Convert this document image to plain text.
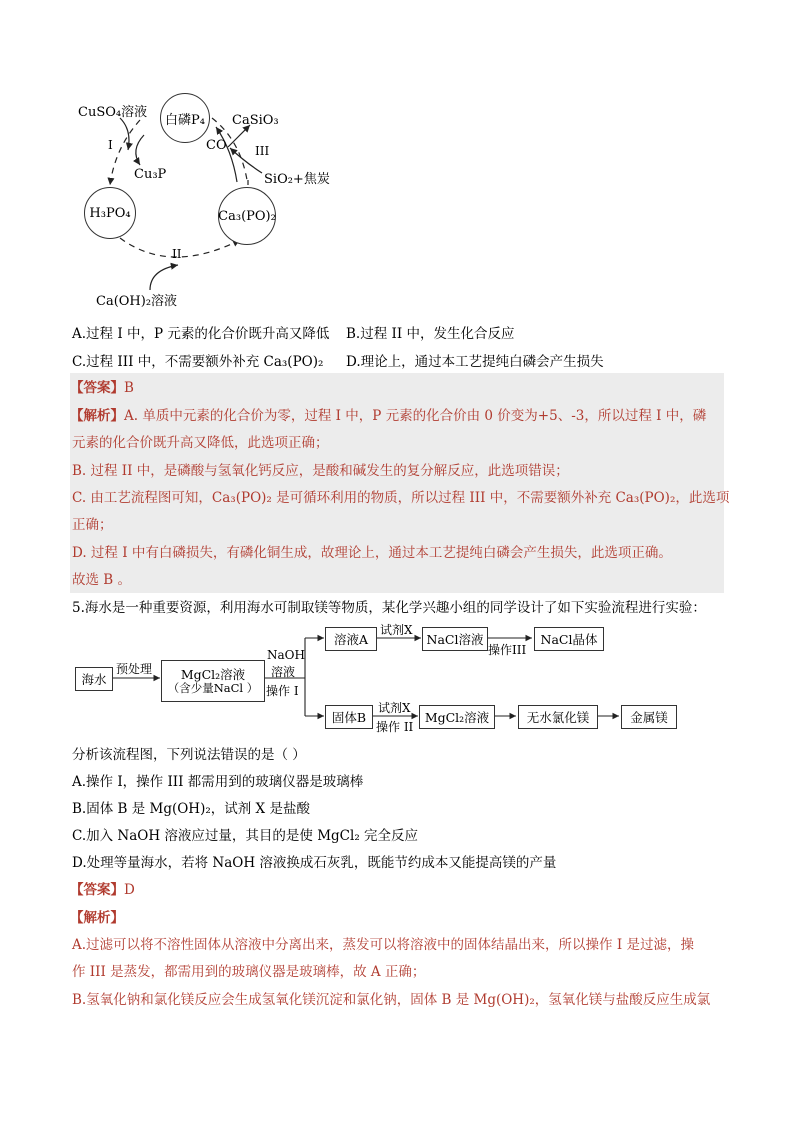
CuSO₄溶液 白磷P₄ CaSiO₃
CO III
I
Cu₃P	SiO₂+焦炭
H₃PO₄	Ca₃(PO)₂
II
Ca(OH)₂溶液
A.过程 I 中，P 元素的化合价既升高又降低 B.过程 II 中，发生化合反应
C.过程 III 中，不需要额外补充 Ca₃(PO)₂ D.理论上，通过本工艺提纯白磷会产生损失
【答案】B
【解析】A. 单质中元素的化合价为零，过程 I 中，P 元素的化合价由 0 价变为+5、-3，所以过程 I 中，磷
元素的化合价既升高又降低，此选项正确；
B. 过程 II 中，是磷酸与氢氧化钙反应，是酸和碱发生的复分解反应，此选项错误；
C. 由工艺流程图可知，Ca₃(PO)₂ 是可循环利用的物质，所以过程 III 中，不需要额外补充 Ca₃(PO)₂，此选项
正确；
D. 过程 I 中有白磷损失，有磷化铜生成，故理论上，通过本工艺提纯白磷会产生损失，此选项正确。
故选 B 。
5.海水是一种重要资源，利用海水可制取镁等物质，某化学兴趣小组的同学设计了如下实验流程进行实验：
海水
预处理 MgCl₂溶液
（含少量NaCl ）
NaOH
溶液
操作 I
溶液A
试剂X
NaCl溶液
操作III
NaCl晶体
固体B
试剂X
操作 II
MgCl₂溶液	无水氯化镁	金属镁
分析该流程图，下列说法错误的是（ ）
A.操作 I，操作 III 都需用到的玻璃仪器是玻璃棒
B.固体 B 是 Mg(OH)₂，试剂 X 是盐酸
C.加入 NaOH 溶液应过量，其目的是使 MgCl₂ 完全反应
D.处理等量海水，若将 NaOH 溶液换成石灰乳，既能节约成本又能提高镁的产量
【答案】D
【解析】
A.过滤可以将不溶性固体从溶液中分离出来，蒸发可以将溶液中的固体结晶出来，所以操作 I 是过滤，操
作 III 是蒸发，都需用到的玻璃仪器是玻璃棒，故 A 正确；
B.氢氧化钠和氯化镁反应会生成氢氧化镁沉淀和氯化钠，固体 B 是 Mg(OH)₂，氢氧化镁与盐酸反应生成氯
